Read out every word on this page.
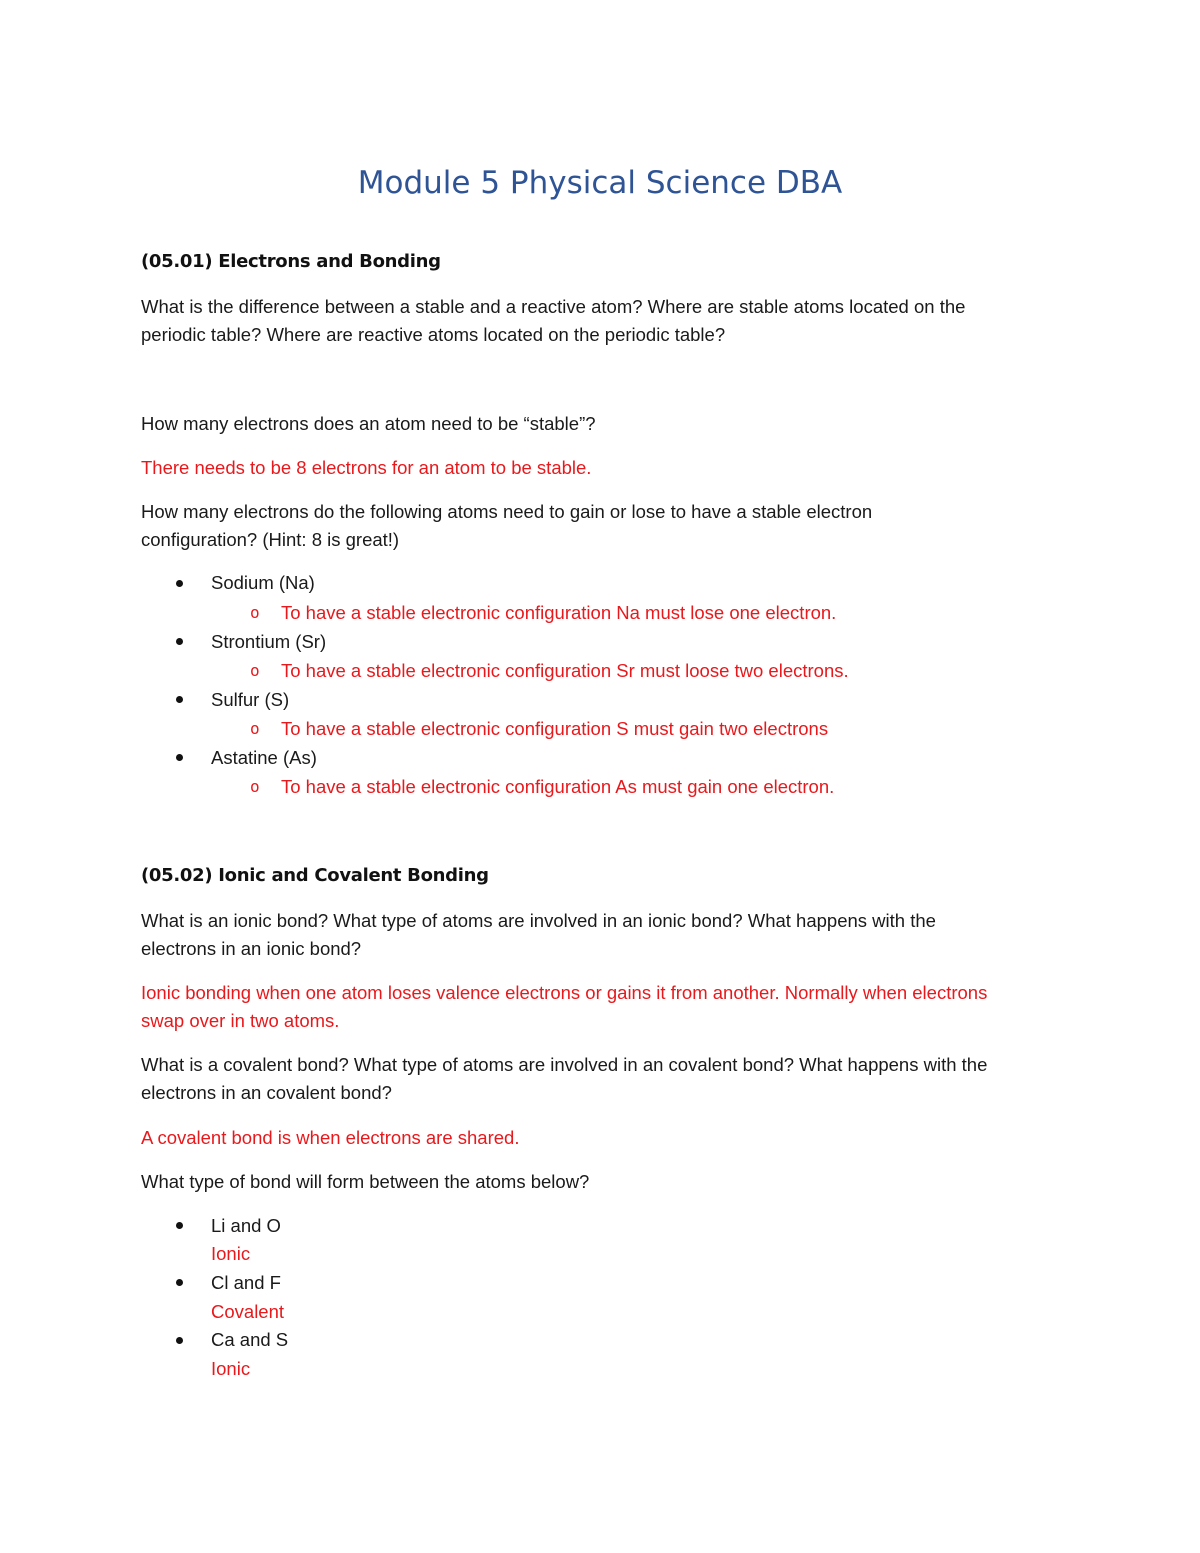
Module 5 Physical Science DBA
(05.01) Electrons and Bonding
What is the difference between a stable and a reactive atom? Where are stable atoms located on the
periodic table? Where are reactive atoms located on the periodic table?
How many electrons does an atom need to be “stable”?
There needs to be 8 electrons for an atom to be stable.
How many electrons do the following atoms need to gain or lose to have a stable electron
configuration? (Hint: 8 is great!)
Sodium (Na)
o To have a stable electronic configuration Na must lose one electron.
Strontium (Sr)
o To have a stable electronic configuration Sr must loose two electrons.
Sulfur (S)
o To have a stable electronic configuration S must gain two electrons
Astatine (As)
o To have a stable electronic configuration As must gain one electron.
(05.02) Ionic and Covalent Bonding
What is an ionic bond? What type of atoms are involved in an ionic bond? What happens with the
electrons in an ionic bond?
Ionic bonding when one atom loses valence electrons or gains it from another. Normally when electrons
swap over in two atoms.
What is a covalent bond? What type of atoms are involved in an covalent bond? What happens with the
electrons in an covalent bond?
A covalent bond is when electrons are shared.
What type of bond will form between the atoms below?
Li and O
Ionic
Cl and F
Covalent
Ca and S
Ionic
